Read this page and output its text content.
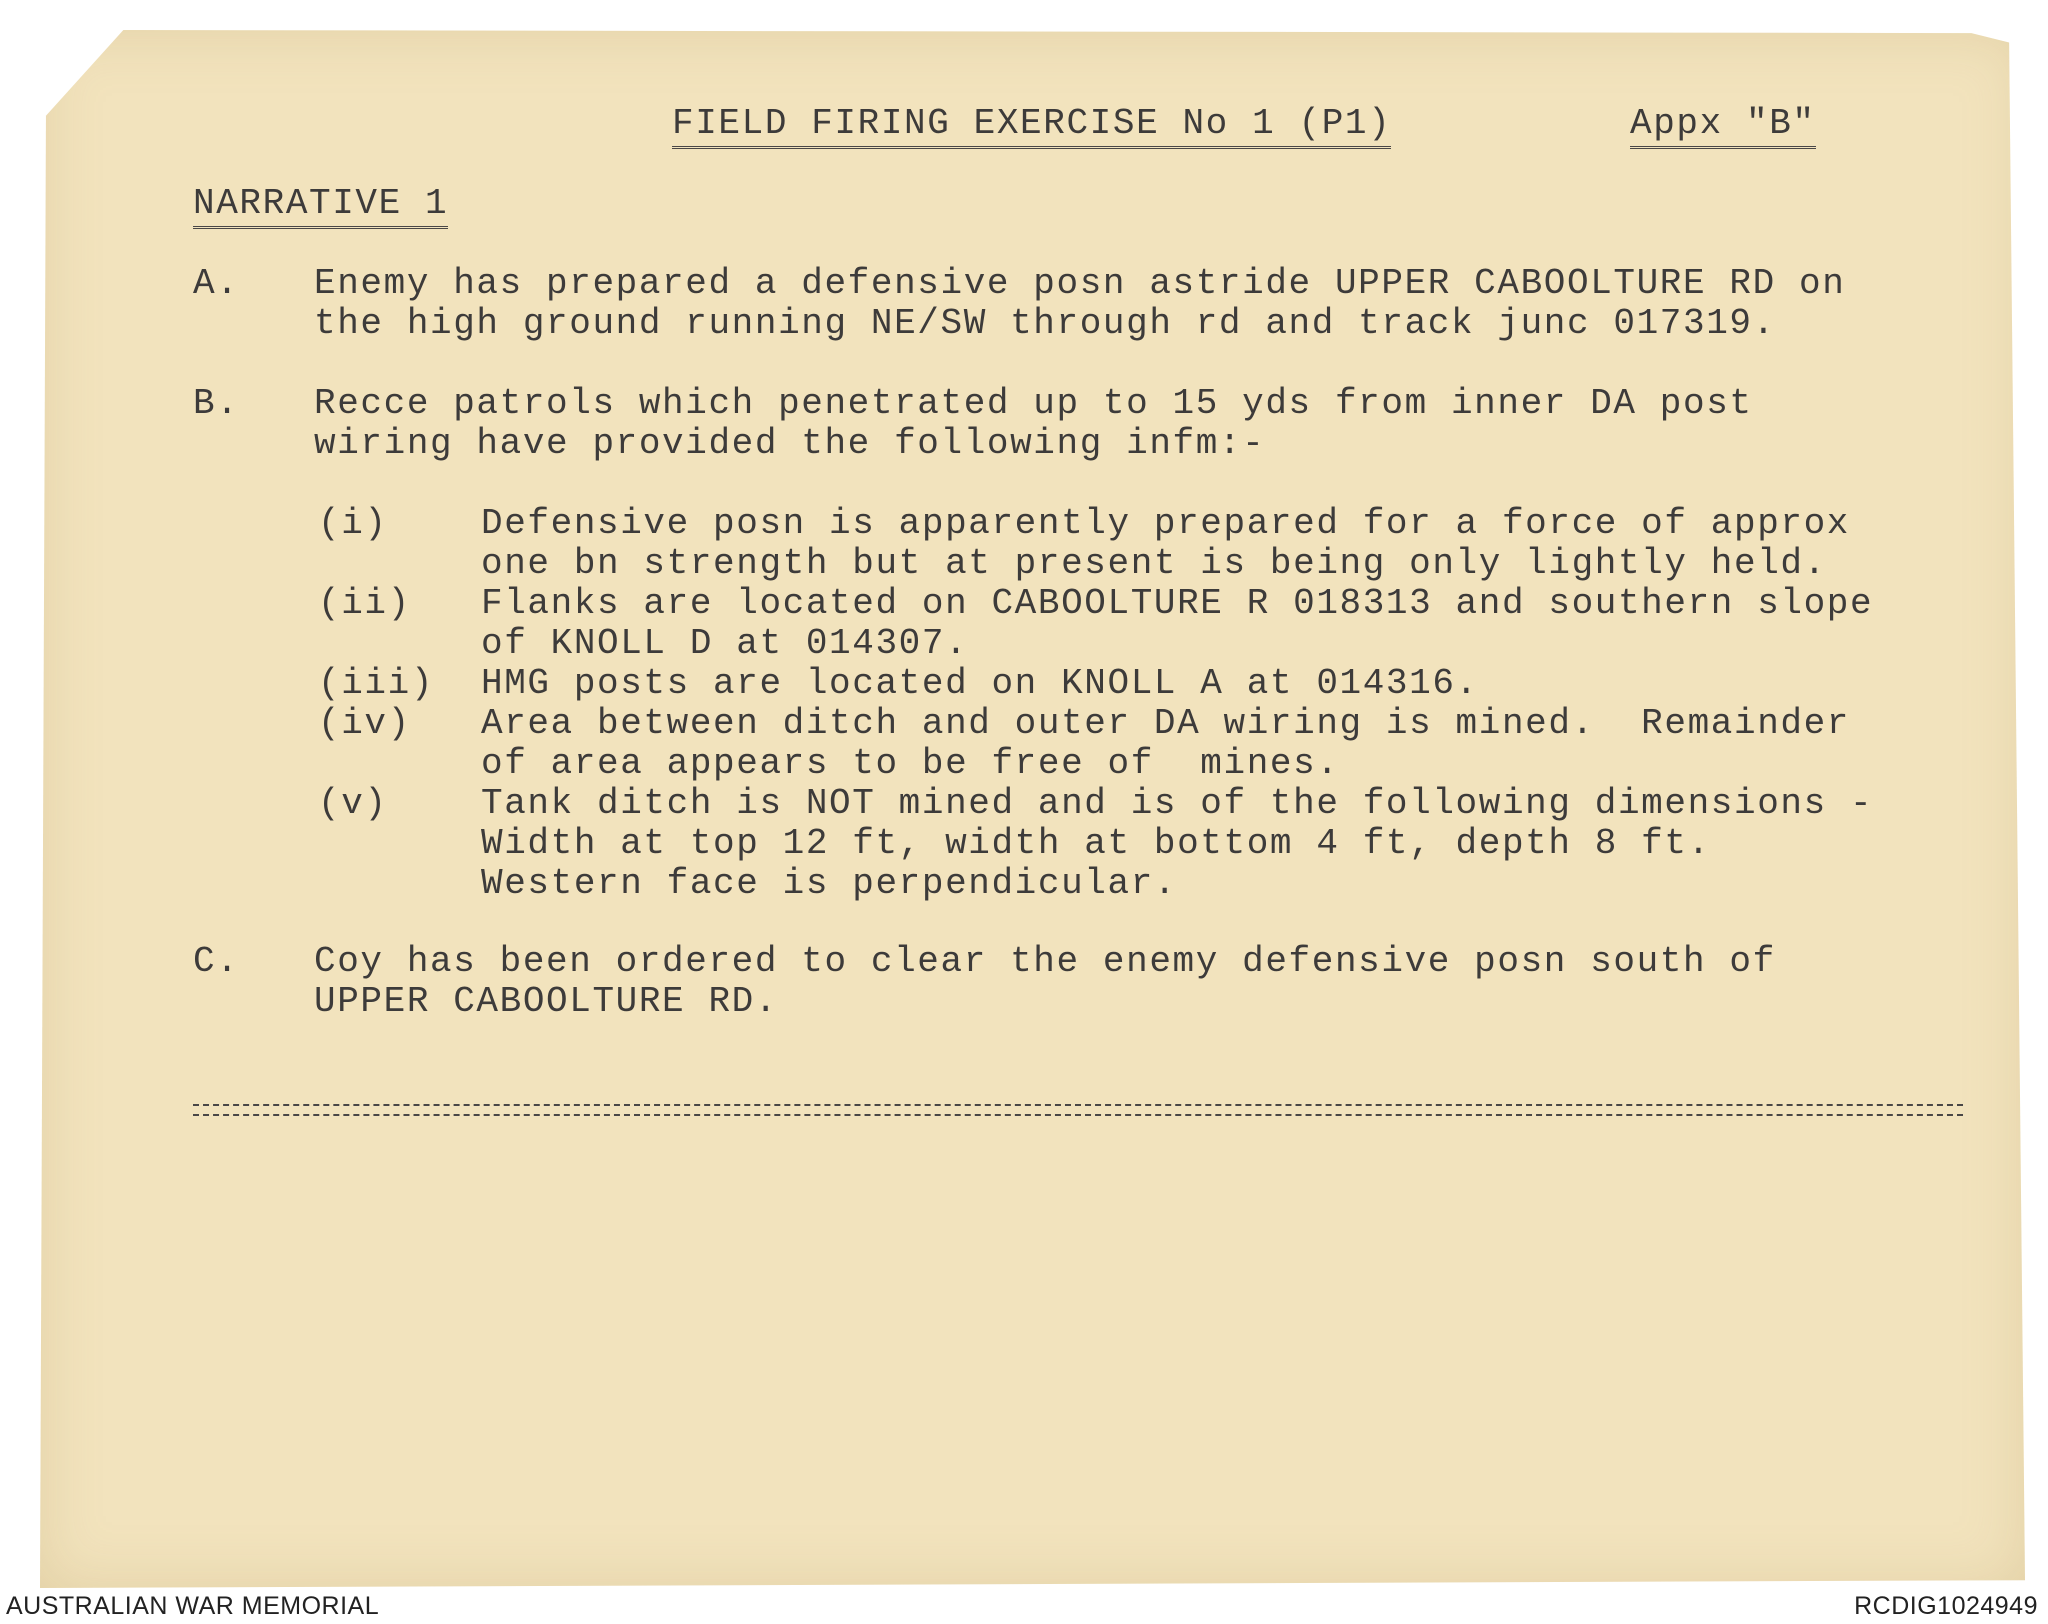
FIELD FIRING EXERCISE No 1 (P1)	Appx "B"
NARRATIVE 1
A. Enemy has prepared a defensive posn astride UPPER CABOOLTURE RD on
the high ground running NE/SW through rd and track junc 017319.
B. Recce patrols which penetrated up to 15 yds from inner DA post
wiring have provided the following infm:-
(i)	Defensive posn is apparently prepared for a force of approx
one bn strength but at present is being only lightly held.
(ii) Flanks are located on CABOOLTURE R 018313 and southern slope
of KNOLL D at 014307.
(iii) HMG posts are located on KNOLL A at 014316.
(iv) Area between ditch and outer DA wiring is mined.  Remainder
of area appears to be free of  mines.
(v)	Tank ditch is NOT mined and is of the following dimensions -
Width at top 12 ft, width at bottom 4 ft, depth 8 ft.
Western face is perpendicular.
C. Coy has been ordered to clear the enemy defensive posn south of
UPPER CABOOLTURE RD.
AUSTRALIAN WAR MEMORIAL	RCDIG1024949
